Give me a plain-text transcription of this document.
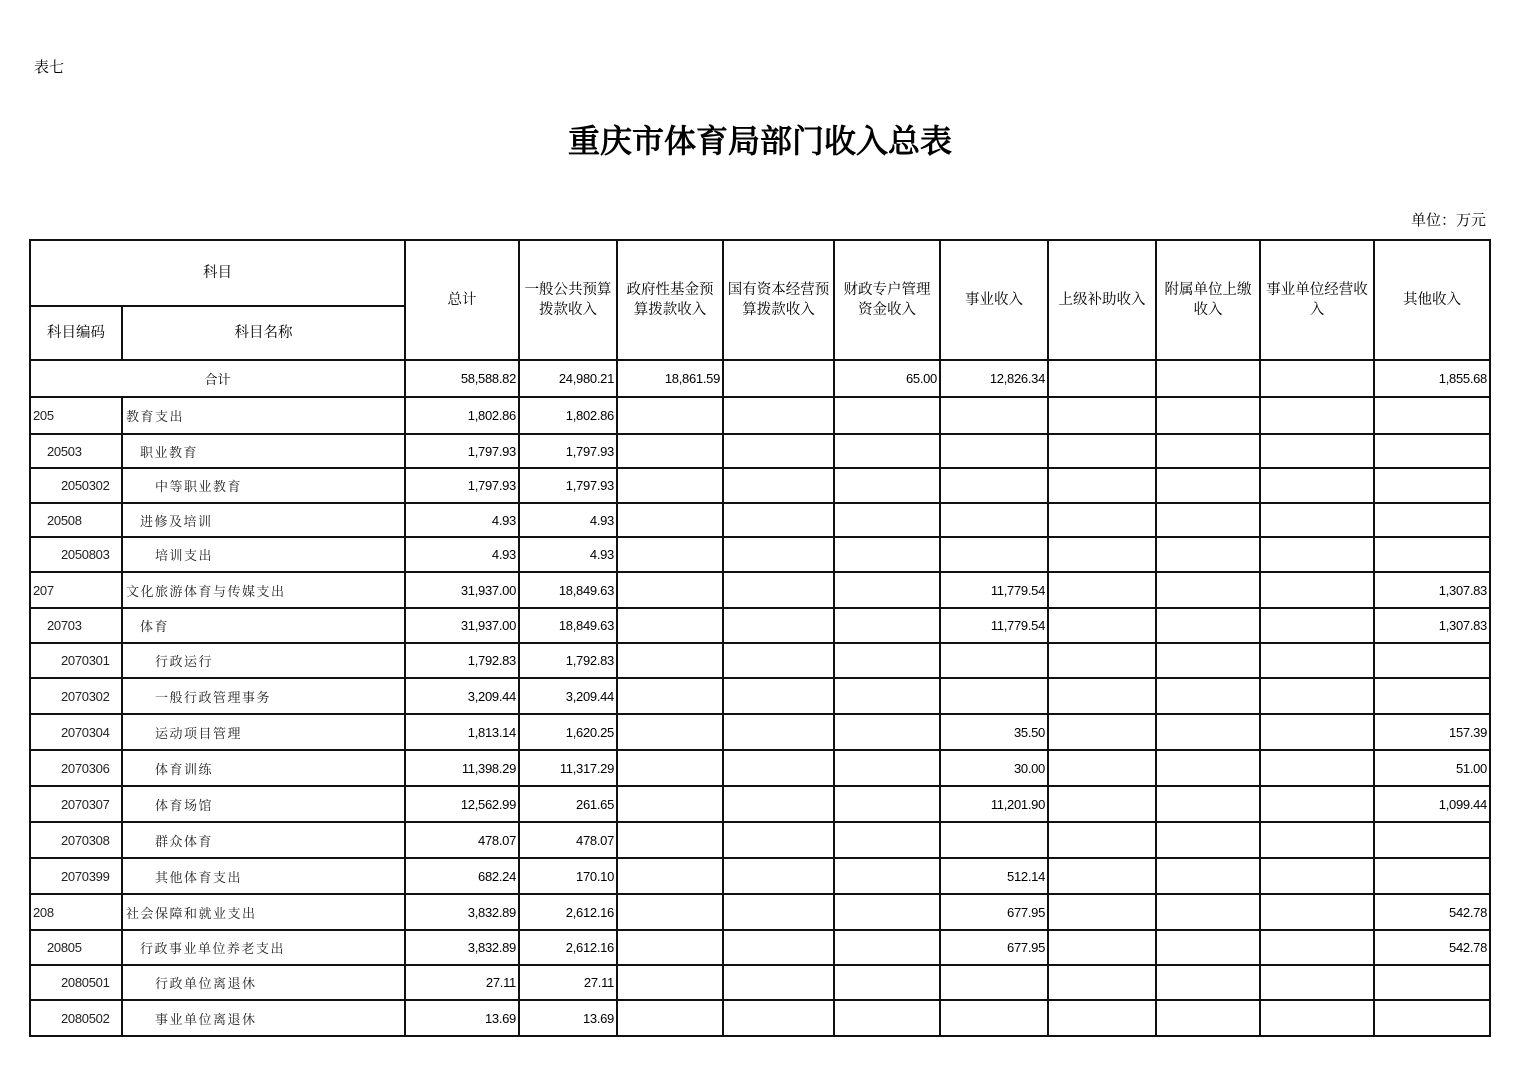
表七
重庆市体育局部门收入总表
单位：万元
科目		总计	一般公共预算拨款收入	政府性基金预算拨款收入	国有资本经营预算拨款收入	财政专户管理资金收入	事业收入	上级补助收入	附属单位上缴收入	事业单位经营收入	其他收入
科目编码	科目名称										
合计		58,588.82	24,980.21	18,861.59		65.00	12,826.34				1,855.68
205	教育支出	1,802.86	1,802.86								
20503	职业教育	1,797.93	1,797.93								
2050302	中等职业教育	1,797.93	1,797.93								
20508	进修及培训	4.93	4.93								
2050803	培训支出	4.93	4.93								
207	文化旅游体育与传媒支出	31,937.00	18,849.63				11,779.54				1,307.83
20703	体育	31,937.00	18,849.63				11,779.54				1,307.83
2070301	行政运行	1,792.83	1,792.83								
2070302	一般行政管理事务	3,209.44	3,209.44								
2070304	运动项目管理	1,813.14	1,620.25				35.50				157.39
2070306	体育训练	11,398.29	11,317.29				30.00				51.00
2070307	体育场馆	12,562.99	261.65				11,201.90				1,099.44
2070308	群众体育	478.07	478.07								
2070399	其他体育支出	682.24	170.10				512.14				
208	社会保障和就业支出	3,832.89	2,612.16				677.95				542.78
20805	行政事业单位养老支出	3,832.89	2,612.16				677.95				542.78
2080501	行政单位离退休	27.11	27.11								
2080502	事业单位离退休	13.69	13.69								
